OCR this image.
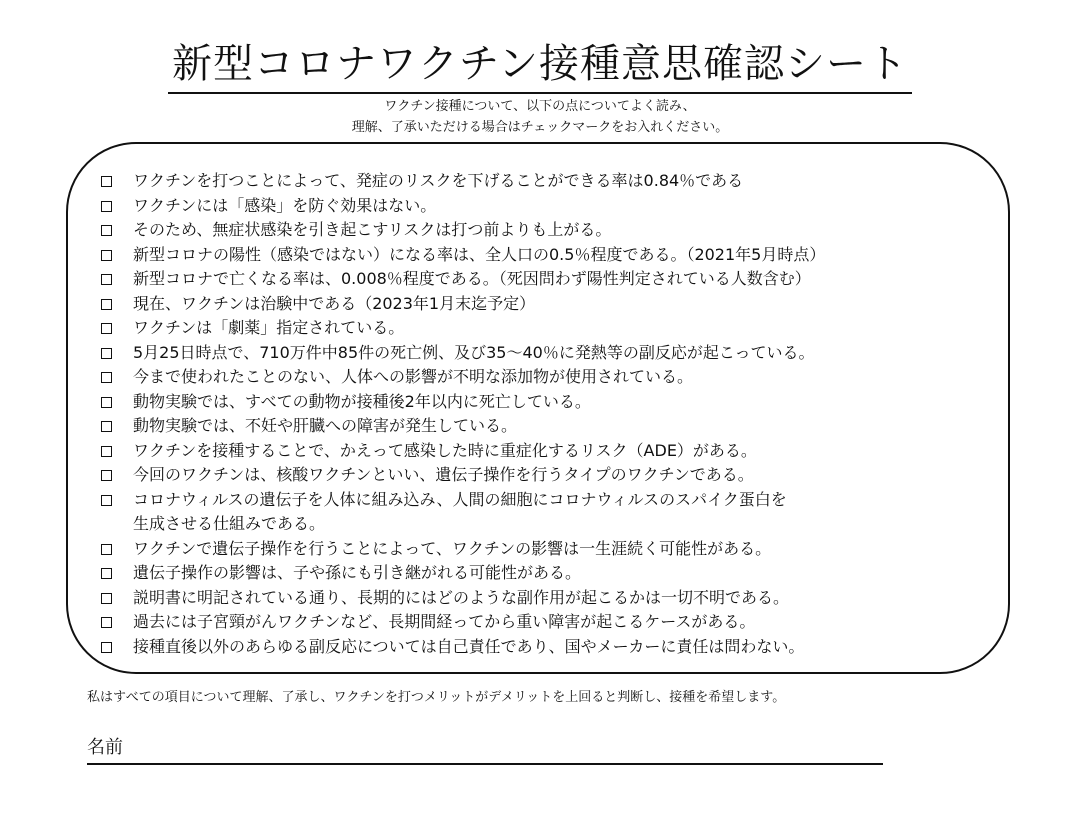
新型コロナワクチン接種意思確認シート
ワクチン接種について、以下の点についてよく読み、
理解、了承いただける場合はチェックマークをお入れください。
ワクチンを打つことによって、発症のリスクを下げることができる率は0.84％である
ワクチンには「感染」を防ぐ効果はない。
そのため、無症状感染を引き起こすリスクは打つ前よりも上がる。
新型コロナの陽性（感染ではない）になる率は、全人口の0.5％程度である。（2021年5月時点）
新型コロナで亡くなる率は、0.008％程度である。（死因問わず陽性判定されている人数含む）
現在、ワクチンは治験中である（2023年1月末迄予定）
ワクチンは「劇薬」指定されている。
5月25日時点で、710万件中85件の死亡例、及び35～40％に発熱等の副反応が起こっている。
今まで使われたことのない、人体への影響が不明な添加物が使用されている。
動物実験では、すべての動物が接種後2年以内に死亡している。
動物実験では、不妊や肝臓への障害が発生している。
ワクチンを接種することで、かえって感染した時に重症化するリスク（ADE）がある。
今回のワクチンは、核酸ワクチンといい、遺伝子操作を行うタイプのワクチンである。
コロナウィルスの遺伝子を人体に組み込み、人間の細胞にコロナウィルスのスパイク蛋白を
生成させる仕組みである。
ワクチンで遺伝子操作を行うことによって、ワクチンの影響は一生涯続く可能性がある。
遺伝子操作の影響は、子や孫にも引き継がれる可能性がある。
説明書に明記されている通り、長期的にはどのような副作用が起こるかは一切不明である。
過去には子宮頸がんワクチンなど、長期間経ってから重い障害が起こるケースがある。
接種直後以外のあらゆる副反応については自己責任であり、国やメーカーに責任は問わない。
私はすべての項目について理解、了承し、ワクチンを打つメリットがデメリットを上回ると判断し、接種を希望します。
名前
